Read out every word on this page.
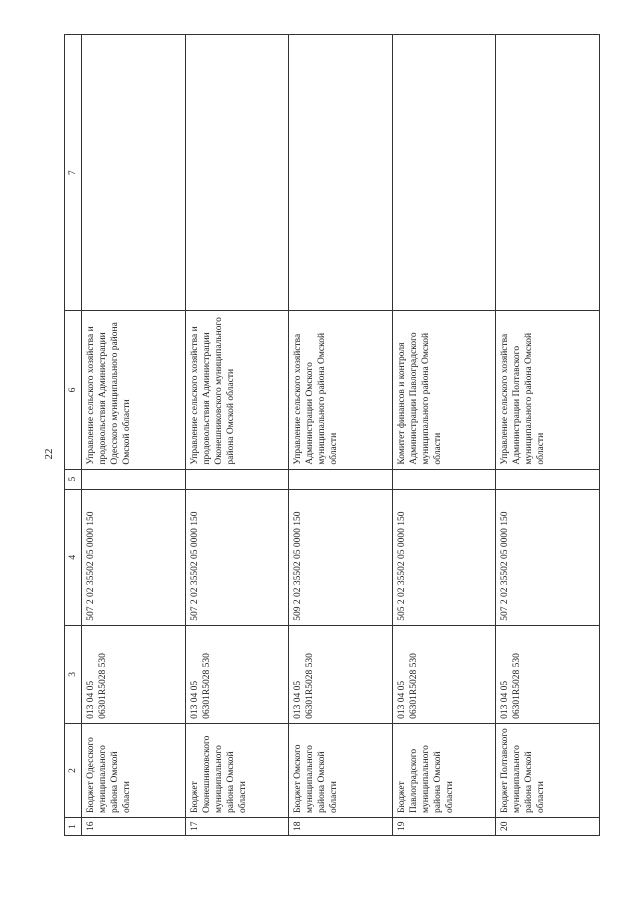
22
1	2	3	4	5	6	7
16	Бюджет Одесского муниципального района Омской области	013 04 05 06301R5028 530	507 2 02 35502 05 0000 150		Управление сельского хозяйства и продовольствия Администрации Одесского муниципального района Омской области	
17	Бюджет Оконешниковского муниципального района Омской области	013 04 05 06301R5028 530	507 2 02 35502 05 0000 150		Управление сельского хозяйства и продовольствия Администрации Оконешниковского муниципального района Омской области	
18	Бюджет Омского муниципального района Омской области	013 04 05 06301R5028 530	509 2 02 35502 05 0000 150		Управление сельского хозяйства Администрации Омского муниципального района Омской области	
19	Бюджет Павлоградского муниципального района Омской области	013 04 05 06301R5028 530	505 2 02 35502 05 0000 150		Комитет финансов и контроля Администрации Павлоградского муниципального района Омской области	
20	Бюджет Полтавского муниципального района Омской области	013 04 05 06301R5028 530	507 2 02 35502 05 0000 150		Управление сельского хозяйства Администрации Полтавского муниципального района Омской области	
